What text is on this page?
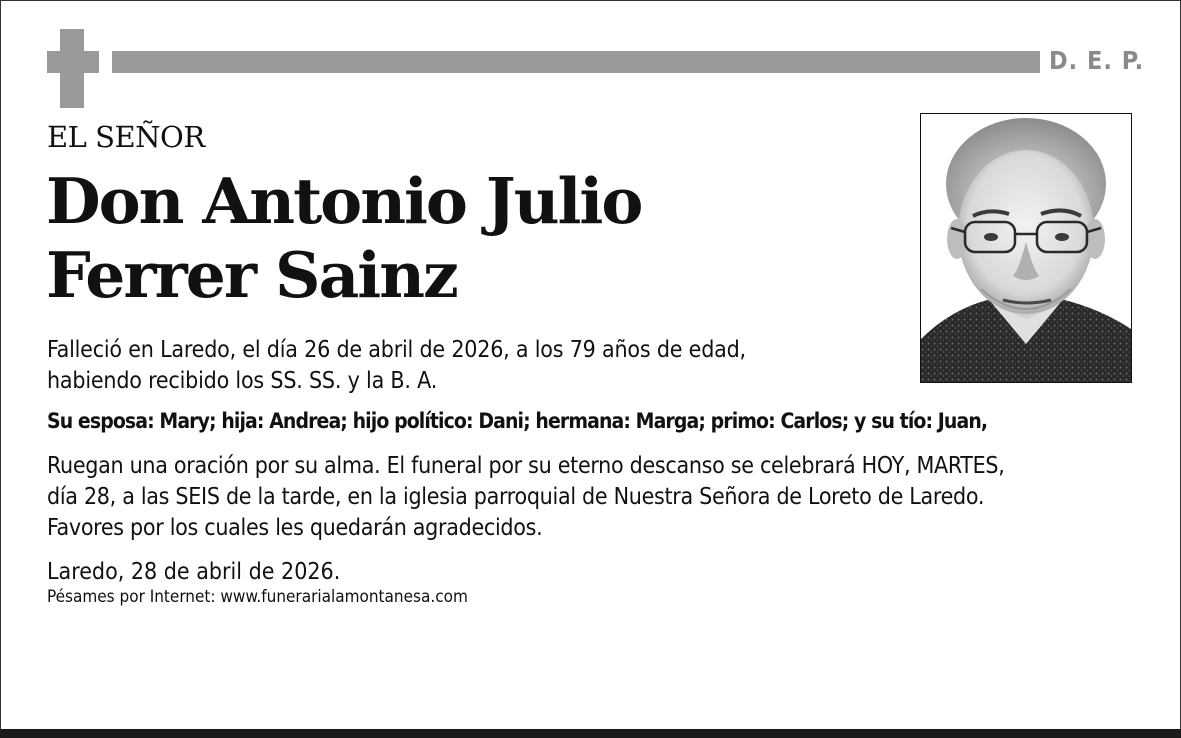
D. E. P.
EL SEÑOR
Don Antonio Julio
Ferrer Sainz
Falleció en Laredo, el día 26 de abril de 2026, a los 79 años de edad,
habiendo recibido los SS. SS. y la B. A.
Su esposa: Mary; hija: Andrea; hijo político: Dani; hermana: Marga; primo: Carlos; y su tío: Juan,
Ruegan una oración por su alma. El funeral por su eterno descanso se celebrará HOY, MARTES,
día 28, a las SEIS de la tarde, en la iglesia parroquial de Nuestra Señora de Loreto de Laredo.
Favores por los cuales les quedarán agradecidos.
Laredo, 28 de abril de 2026.
Pésames por Internet: www.funerarialamontanesa.com
